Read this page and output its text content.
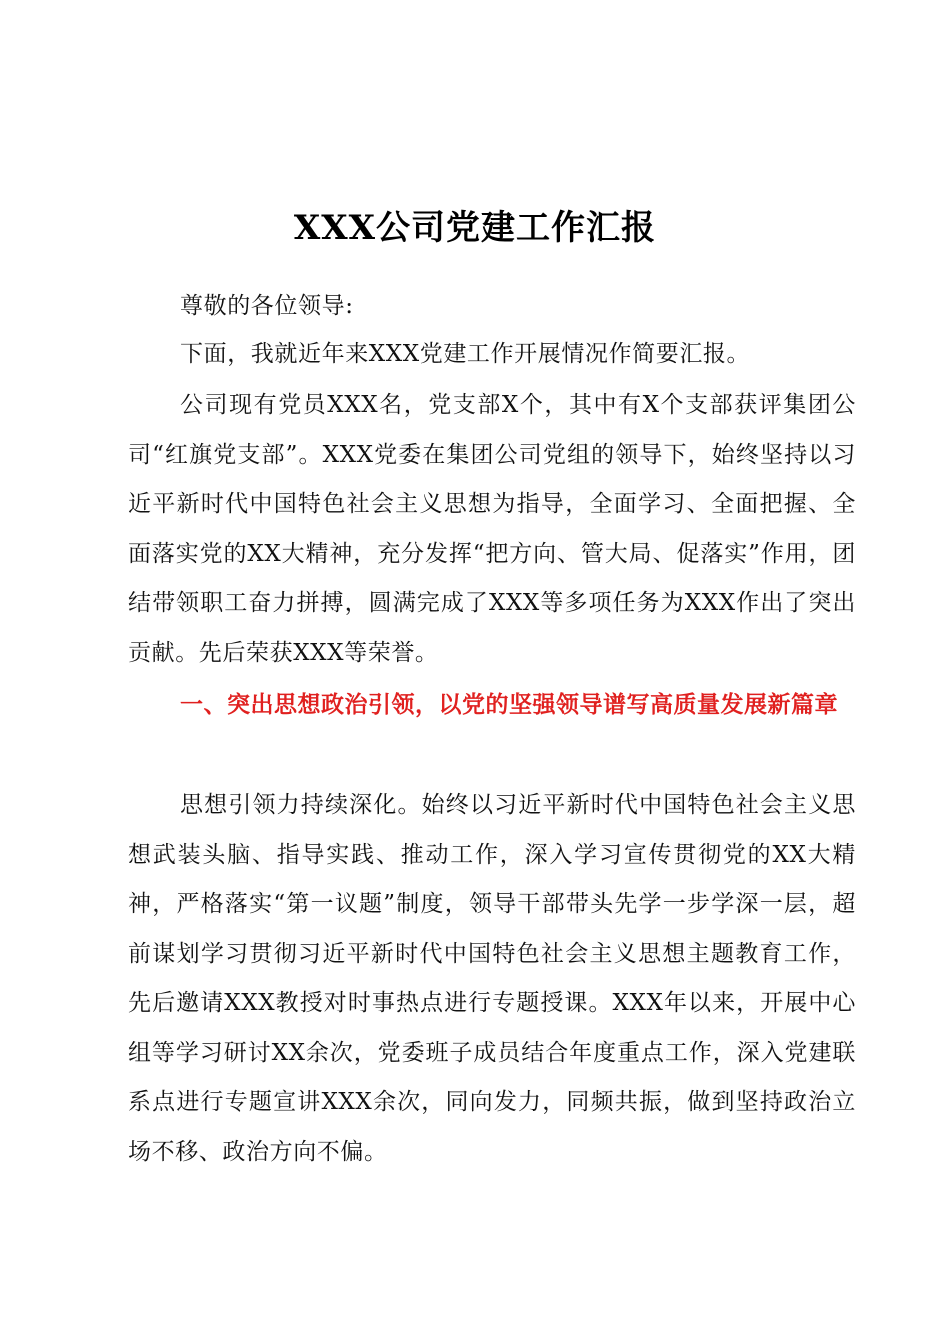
XXX公司党建工作汇报

尊敬的各位领导:

下面，我就近年来XXX党建工作开展情况作简要汇报。

公司现有党员XXX名，党支部X个，其中有X个支部获评集团公司“红旗党支部”。XXX党委在集团公司党组的领导下，始终坚持以习近平新时代中国特色社会主义思想为指导，全面学习、全面把握、全面落实党的XX大精神，充分发挥“把方向、管大局、促落实”作用，团结带领职工奋力拼搏，圆满完成了XXX等多项任务为XXX作出了突出贡献。先后荣获XXX等荣誉。

一、突出思想政治引领，以党的坚强领导谱写高质量发展新篇章

思想引领力持续深化。始终以习近平新时代中国特色社会主义思想武装头脑、指导实践、推动工作，深入学习宣传贯彻党的XX大精神，严格落实“第一议题”制度，领导干部带头先学一步学深一层，超前谋划学习贯彻习近平新时代中国特色社会主义思想主题教育工作，先后邀请XXX教授对时事热点进行专题授课。XXX年以来，开展中心组等学习研讨XX余次，党委班子成员结合年度重点工作，深入党建联系点进行专题宣讲XXX余次，同向发力，同频共振，做到坚持政治立场不移、政治方向不偏。
